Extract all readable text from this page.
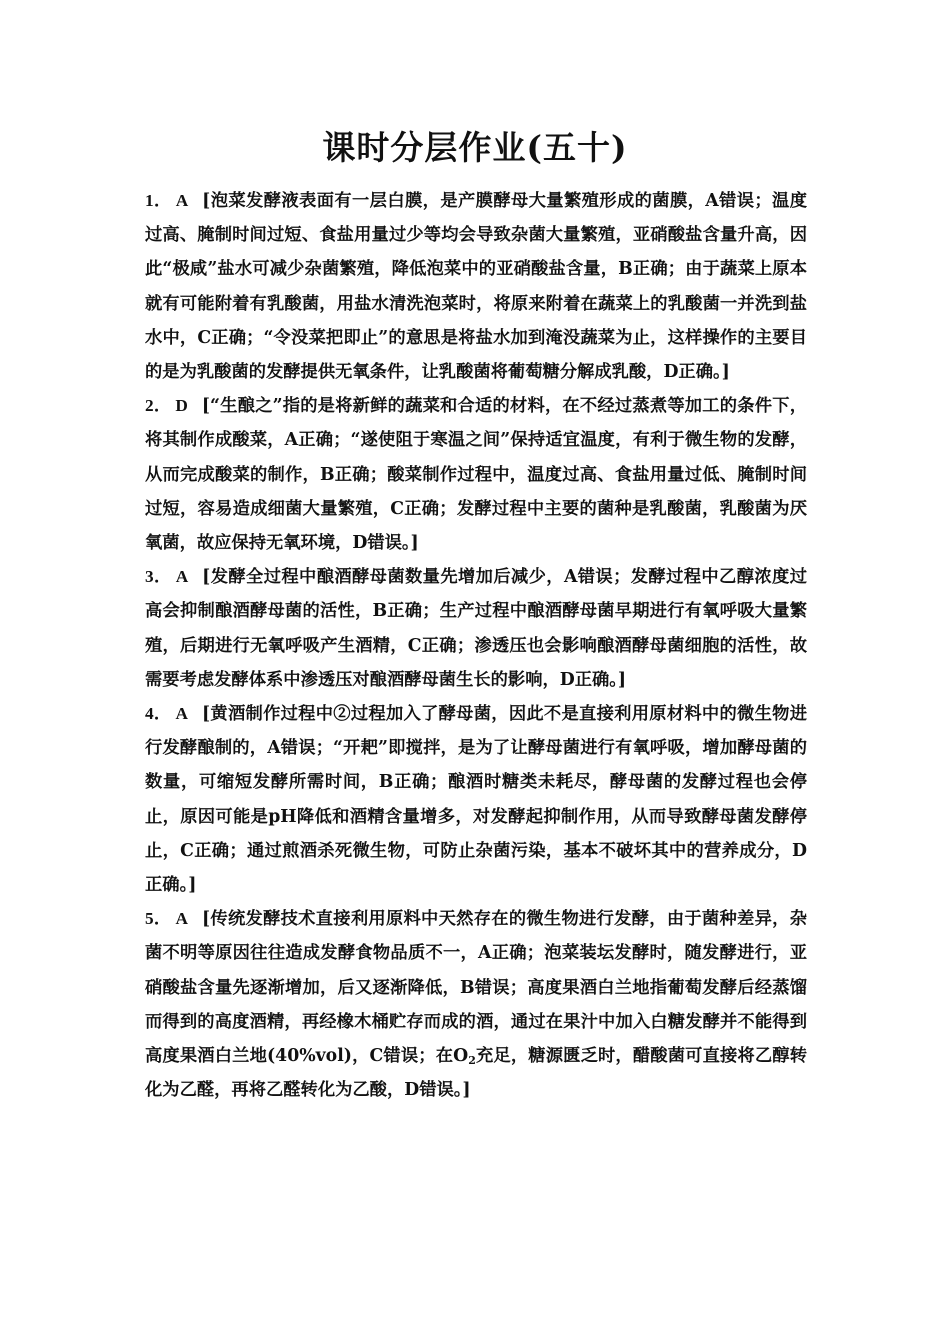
课时分层作业(五十)

1． A [泡菜发酵液表面有一层白膜，是产膜酵母大量繁殖形成的菌膜，A错误；温度过高、腌制时间过短、食盐用量过少等均会导致杂菌大量繁殖，亚硝酸盐含量升高，因此“极咸”盐水可减少杂菌繁殖，降低泡菜中的亚硝酸盐含量，B正确；由于蔬菜上原本就有可能附着有乳酸菌，用盐水清洗泡菜时，将原来附着在蔬菜上的乳酸菌一并洗到盐水中，C正确；“令没菜把即止”的意思是将盐水加到淹没蔬菜为止，这样操作的主要目的是为乳酸菌的发酵提供无氧条件，让乳酸菌将葡萄糖分解成乳酸，D正确。]

2． D [“生酿之”指的是将新鲜的蔬菜和合适的材料，在不经过蒸煮等加工的条件下，将其制作成酸菜，A正确；“遂使阻于寒温之间”保持适宜温度，有利于微生物的发酵，从而完成酸菜的制作，B正确；酸菜制作过程中，温度过高、食盐用量过低、腌制时间过短，容易造成细菌大量繁殖，C正确；发酵过程中主要的菌种是乳酸菌，乳酸菌为厌氧菌，故应保持无氧环境，D错误。]

3． A [发酵全过程中酿酒酵母菌数量先增加后减少，A错误；发酵过程中乙醇浓度过高会抑制酿酒酵母菌的活性，B正确；生产过程中酿酒酵母菌早期进行有氧呼吸大量繁殖，后期进行无氧呼吸产生酒精，C正确；渗透压也会影响酿酒酵母菌细胞的活性，故需要考虑发酵体系中渗透压对酿酒酵母菌生长的影响，D正确。]

4． A [黄酒制作过程中②过程加入了酵母菌，因此不是直接利用原材料中的微生物进行发酵酿制的，A错误；“开耙”即搅拌，是为了让酵母菌进行有氧呼吸，增加酵母菌的数量，可缩短发酵所需时间，B正确；酿酒时糖类未耗尽，酵母菌的发酵过程也会停止，原因可能是pH降低和酒精含量增多，对发酵起抑制作用，从而导致酵母菌发酵停止，C正确；通过煎酒杀死微生物，可防止杂菌污染，基本不破坏其中的营养成分，D正确。]

5． A [传统发酵技术直接利用原料中天然存在的微生物进行发酵，由于菌种差异，杂菌不明等原因往往造成发酵食物品质不一，A正确；泡菜装坛发酵时，随发酵进行，亚硝酸盐含量先逐渐增加，后又逐渐降低，B错误；高度果酒白兰地指葡萄发酵后经蒸馏而得到的高度酒精，再经橡木桶贮存而成的酒，通过在果汁中加入白糖发酵并不能得到高度果酒白兰地(40%vol)，C错误；在$O_2$充足，糖源匮乏时，醋酸菌可直接将乙醇转化为乙醛，再将乙醛转化为乙酸，D错误。]
